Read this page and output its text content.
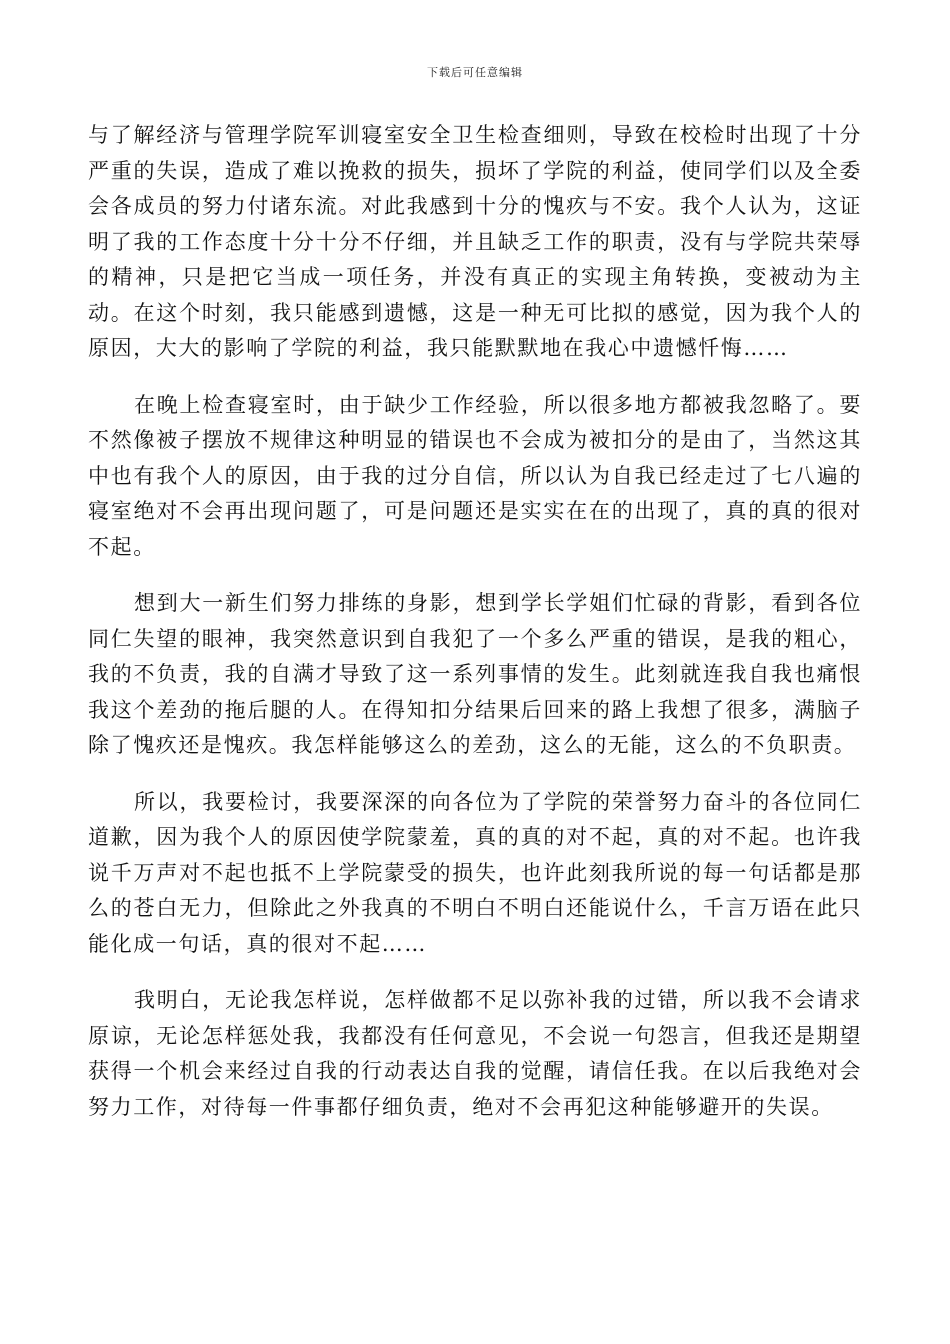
下载后可任意编辑

与了解经济与管理学院军训寝室安全卫生检查细则，导致在校检时出现了十分严重的失误，造成了难以挽救的损失，损坏了学院的利益，使同学们以及全委会各成员的努力付诸东流。对此我感到十分的愧疚与不安。我个人认为，这证明了我的工作态度十分十分不仔细，并且缺乏工作的职责，没有与学院共荣辱的精神，只是把它当成一项任务，并没有真正的实现主角转换，变被动为主动。在这个时刻，我只能感到遗憾，这是一种无可比拟的感觉，因为我个人的原因，大大的影响了学院的利益，我只能默默地在我心中遗憾忏悔……

在晚上检查寝室时，由于缺少工作经验，所以很多地方都被我忽略了。要不然像被子摆放不规律这种明显的错误也不会成为被扣分的是由了，当然这其中也有我个人的原因，由于我的过分自信，所以认为自我已经走过了七八遍的寝室绝对不会再出现问题了，可是问题还是实实在在的出现了，真的真的很对不起。

想到大一新生们努力排练的身影，想到学长学姐们忙碌的背影，看到各位同仁失望的眼神，我突然意识到自我犯了一个多么严重的错误，是我的粗心，我的不负责，我的自满才导致了这一系列事情的发生。此刻就连我自我也痛恨我这个差劲的拖后腿的人。在得知扣分结果后回来的路上我想了很多，满脑子除了愧疚还是愧疚。我怎样能够这么的差劲，这么的无能，这么的不负职责。

所以，我要检讨，我要深深的向各位为了学院的荣誉努力奋斗的各位同仁道歉，因为我个人的原因使学院蒙羞，真的真的对不起，真的对不起。也许我说千万声对不起也抵不上学院蒙受的损失，也许此刻我所说的每一句话都是那么的苍白无力，但除此之外我真的不明白不明白还能说什么，千言万语在此只能化成一句话，真的很对不起……

我明白，无论我怎样说，怎样做都不足以弥补我的过错，所以我不会请求原谅，无论怎样惩处我，我都没有任何意见，不会说一句怨言，但我还是期望获得一个机会来经过自我的行动表达自我的觉醒，请信任我。在以后我绝对会努力工作，对待每一件事都仔细负责，绝对不会再犯这种能够避开的失误。
